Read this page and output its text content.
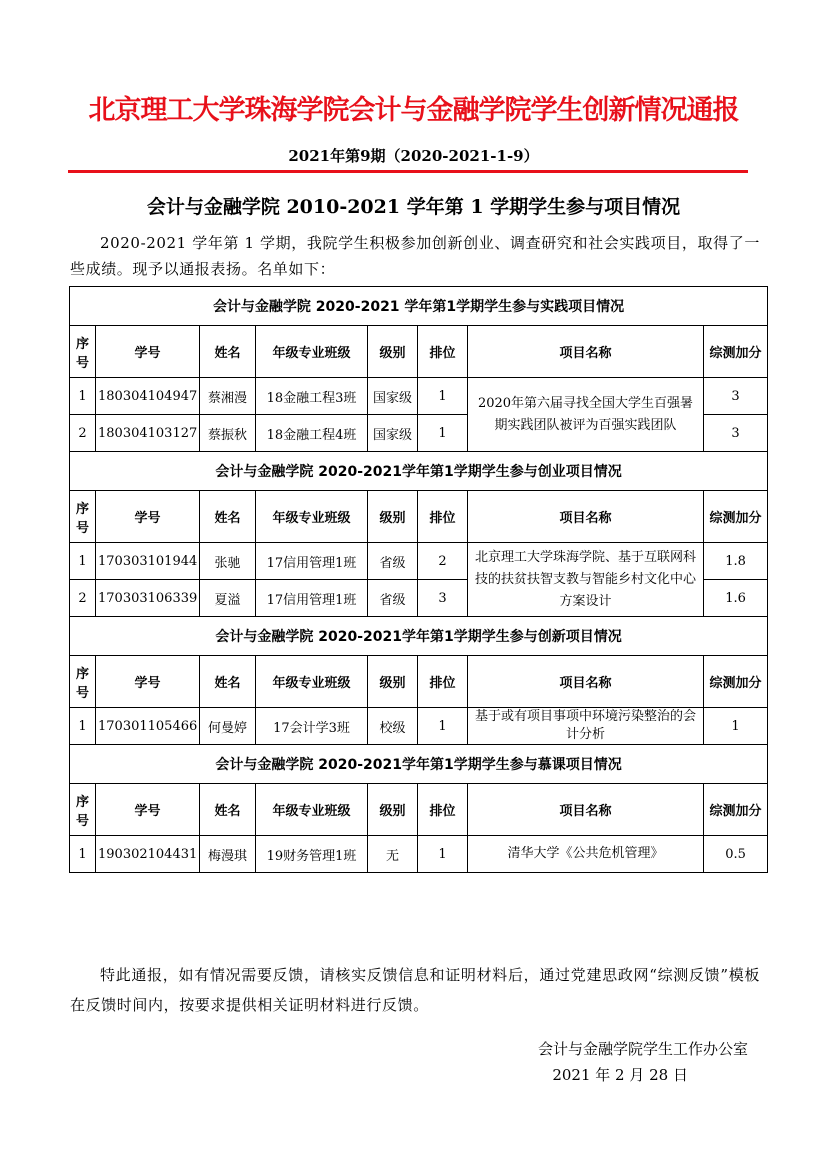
北京理工大学珠海学院会计与金融学院学生创新情况通报
2021年第9期（2020-2021-1-9）
会计与金融学院 2010-2021 学年第 1 学期学生参与项目情况
2020-2021 学年第 1 学期，我院学生积极参加创新创业、调查研究和社会实践项目，取得了一些成绩。现予以通报表扬。名单如下：
会计与金融学院 2020-2021 学年第1学期学生参与实践项目情况							
序号	学号	姓名	年级专业班级	级别	排位	项目名称	综测加分
1	180304104947	蔡湘漫	18金融工程3班	国家级	1	2020年第六届寻找全国大学生百强暑期实践团队被评为百强实践团队	3
2	180304103127	蔡振秋	18金融工程4班	国家级	1		3
会计与金融学院 2020-2021学年第1学期学生参与创业项目情况							
序号	学号	姓名	年级专业班级	级别	排位	项目名称	综测加分
1	170303101944	张驰	17信用管理1班	省级	2	北京理工大学珠海学院、基于互联网科技的扶贫扶智支教与智能乡村文化中心方案设计	1.8
2	170303106339	夏溢	17信用管理1班	省级	3		1.6
会计与金融学院 2020-2021学年第1学期学生参与创新项目情况							
序号	学号	姓名	年级专业班级	级别	排位	项目名称	综测加分
1	170301105466	何曼婷	17会计学3班	校级	1	基于或有项目事项中环境污染整治的会计分析	1
会计与金融学院 2020-2021学年第1学期学生参与慕课项目情况							
序号	学号	姓名	年级专业班级	级别	排位	项目名称	综测加分
1	190302104431	梅漫琪	19财务管理1班	无	1	清华大学《公共危机管理》	0.5
特此通报，如有情况需要反馈，请核实反馈信息和证明材料后，通过党建思政网“综测反馈”模板在反馈时间内，按要求提供相关证明材料进行反馈。
会计与金融学院学生工作办公室
2021 年 2 月 28 日
